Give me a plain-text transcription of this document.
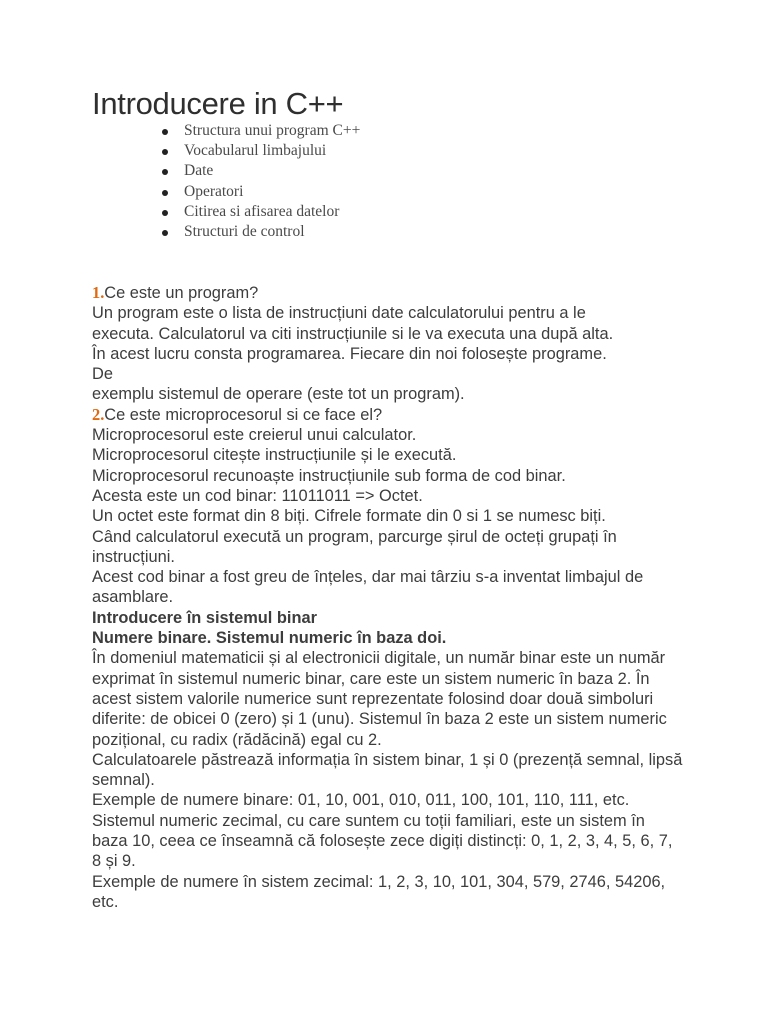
Introducere in C++
Structura unui program C++
Vocabularul limbajului
Date
Operatori
Citirea si afisarea datelor
Structuri de control

1.Ce este un program?

Un program este o lista de instrucțiuni date calculatorului pentru a le

executa. Calculatorul va citi instrucțiunile si le va executa una după alta.

În acest lucru consta programarea. Fiecare din noi folosește programe.

De

exemplu sistemul de operare (este tot un program).

2.Ce este microprocesorul si ce face el?

Microprocesorul este creierul unui calculator.

Microprocesorul citește instrucțiunile și le execută.

Microprocesorul recunoaște instrucțiunile sub forma de cod binar.

Acesta este un cod binar: 11011011 => Octet.

Un octet este format din 8 biți. Cifrele formate din 0 si 1 se numesc biți.

Când calculatorul execută un program, parcurge șirul de octeți grupați în instrucțiuni.

Acest cod binar a fost greu de înțeles, dar mai târziu s-a inventat limbajul de asamblare.

Introducere în sistemul binar

Numere binare. Sistemul numeric în baza doi.

În domeniul matematicii și al electronicii digitale, un număr binar este un număr exprimat în sistemul numeric binar, care este un sistem numeric în baza 2. În acest sistem valorile numerice sunt reprezentate folosind doar două simboluri diferite: de obicei 0 (zero) și 1 (unu). Sistemul în baza 2 este un sistem numeric pozițional, cu radix (rădăcină) egal cu 2.

Calculatoarele păstrează informația în sistem binar, 1 și 0 (prezență semnal, lipsă semnal).

Exemple de numere binare: 01, 10, 001, 010, 011, 100, 101, 110, 111, etc.

Sistemul numeric zecimal, cu care suntem cu toții familiari, este un sistem în baza 10, ceea ce înseamnă că folosește zece digiți distincți: 0, 1, 2, 3, 4, 5, 6, 7, 8 și 9.

Exemple de numere în sistem zecimal: 1, 2, 3, 10, 101, 304, 579, 2746, 54206, etc.
